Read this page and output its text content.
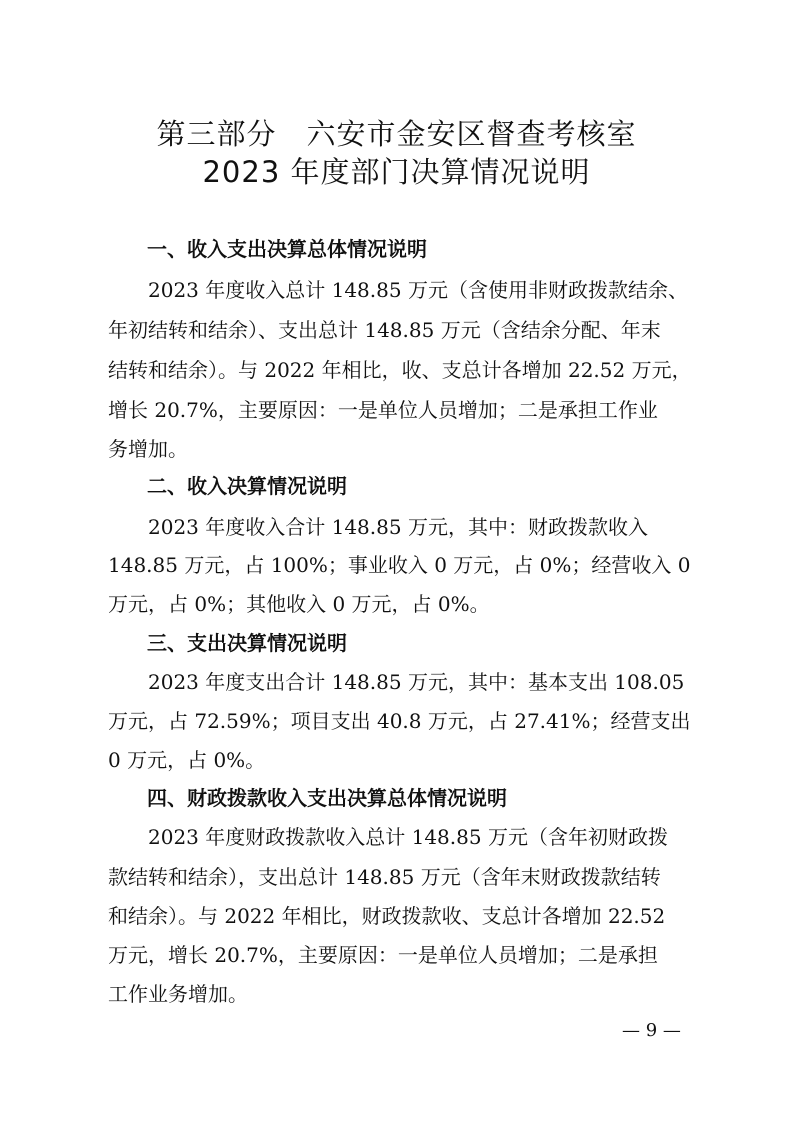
第三部分　六安市金安区督查考核室
2023 年度部门决算情况说明
一、收入支出决算总体情况说明
2023 年度收入总计 148.85 万元（含使用非财政拨款结余、
年初结转和结余）、支出总计 148.85 万元（含结余分配、年末
结转和结余）。与 2022 年相比，收、支总计各增加 22.52 万元，
增长 20.7%，主要原因：一是单位人员增加；二是承担工作业
务增加。
二、收入决算情况说明
2023 年度收入合计 148.85 万元，其中：财政拨款收入
148.85 万元，占 100%；事业收入 0 万元，占 0%；经营收入 0
万元，占 0%；其他收入 0 万元，占 0%。
三、支出决算情况说明
2023 年度支出合计 148.85 万元，其中：基本支出 108.05
万元，占 72.59%；项目支出 40.8 万元，占 27.41%；经营支出
0 万元，占 0%。
四、财政拨款收入支出决算总体情况说明
2023 年度财政拨款收入总计 148.85 万元（含年初财政拨
款结转和结余），支出总计 148.85 万元（含年末财政拨款结转
和结余）。与 2022 年相比，财政拨款收、支总计各增加 22.52
万元，增长 20.7%，主要原因：一是单位人员增加；二是承担
工作业务增加。
— 9 —
